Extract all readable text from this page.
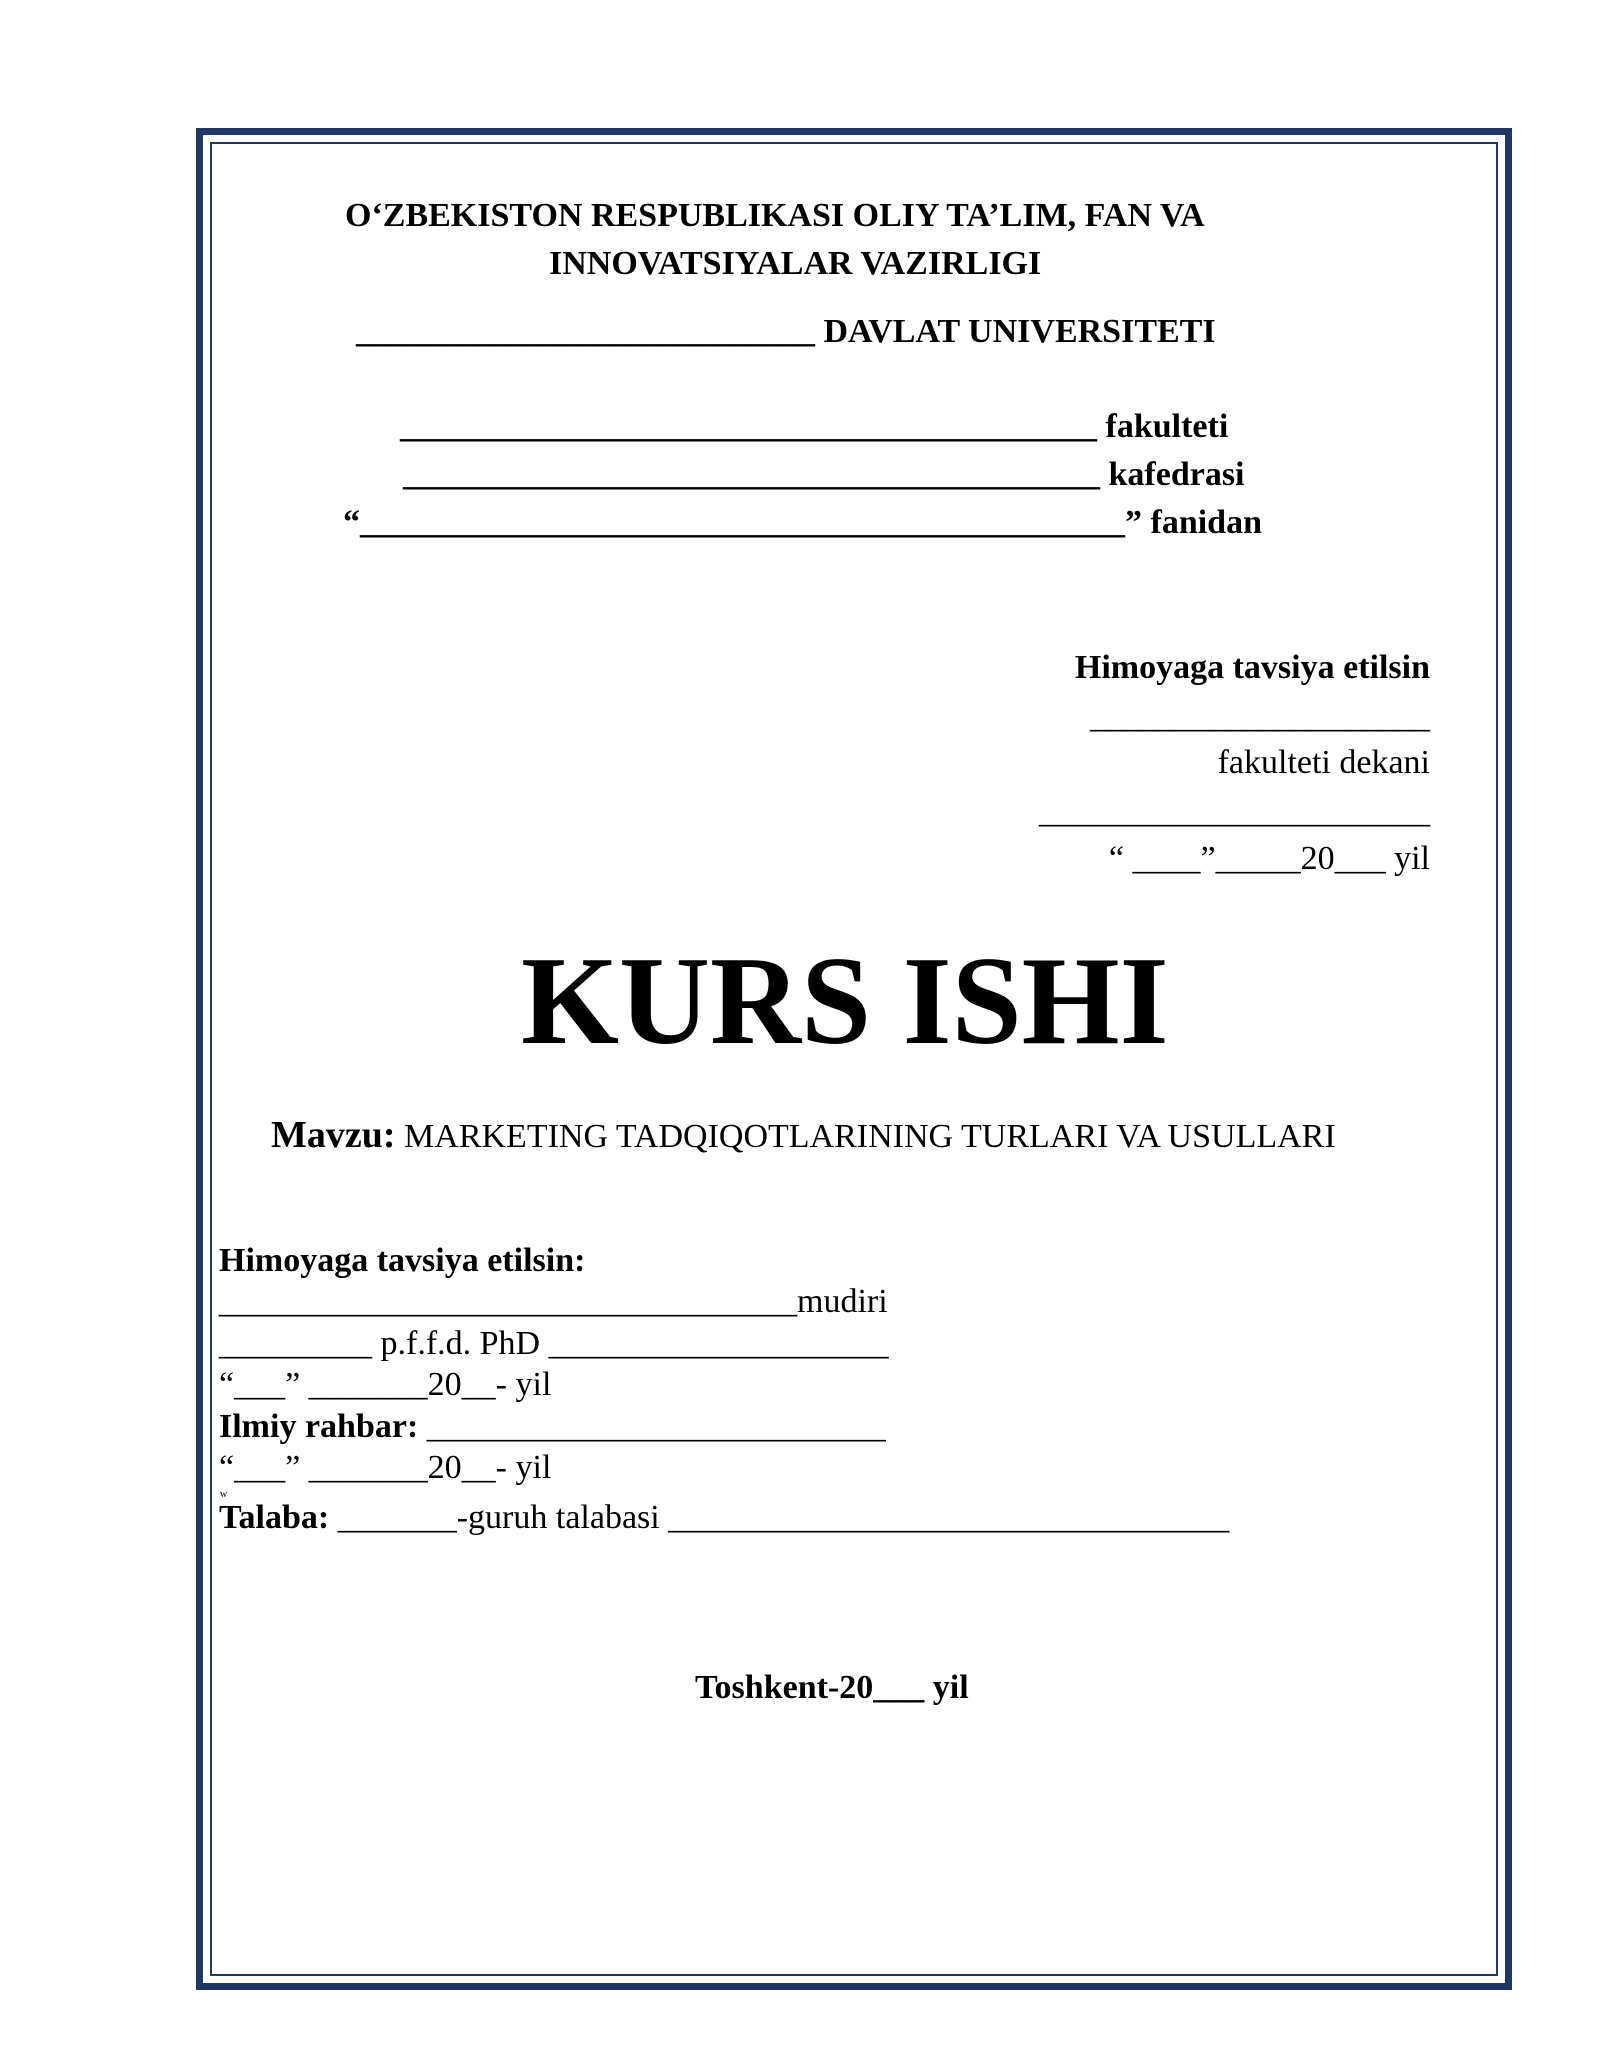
O‘ZBEKISTON RESPUBLIKASI OLIY TA’LIM, FAN VA
INNOVATSIYALAR VAZIRLIGI
___________________________ DAVLAT UNIVERSITETI
_________________________________________ fakulteti
_________________________________________ kafedrasi
“_____________________________________________” fanidan
Himoyaga tavsiya etilsin
____________________
fakulteti dekani
_______________________
“ ____”_____20___ yil
KURS ISHI
Mavzu: MARKETING TADQIQOTLARINING TURLARI VA USULLARI
Himoyaga tavsiya etilsin:
__________________________________mudiri
_________ p.f.f.d. PhD ____________________
“___” _______20__- yil
Ilmiy rahbar: ___________________________
“___” _______20__- yil
w
Talaba: _______-guruh talabasi _________________________________
Toshkent-20___ yil
